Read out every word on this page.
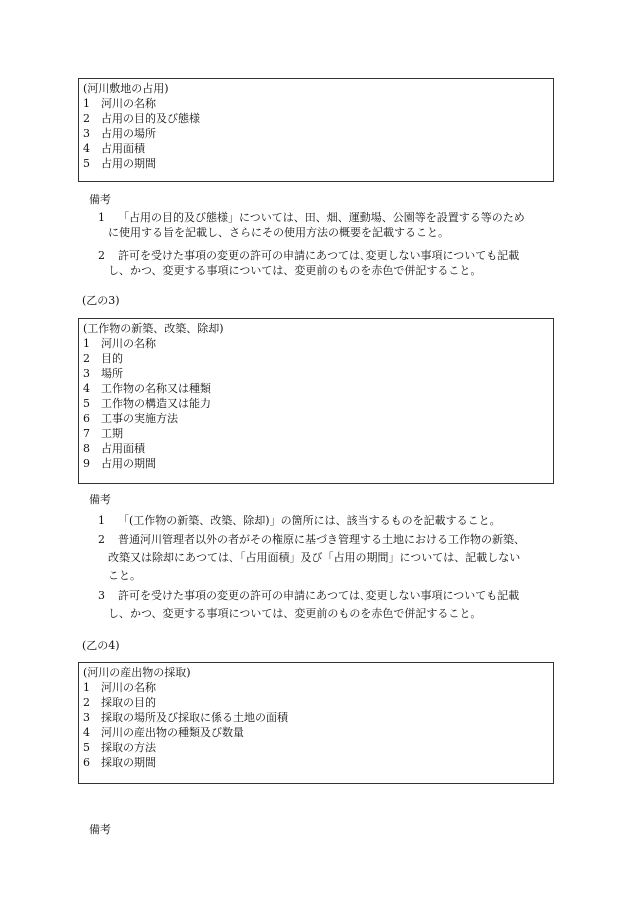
(河川敷地の占用)
1 河川の名称
2 占用の目的及び態様
3 占用の場所
4 占用面積
5 占用の期間
備考
1 「占用の目的及び態様」については、田、畑、運動場、公園等を設置する等のため
に使用する旨を記載し、さらにその使用方法の概要を記載すること。
2 許可を受けた事項の変更の許可の申請にあつては､変更しない事項についても記載
し、かつ、変更する事項については、変更前のものを赤色で併記すること。
(乙の3)
(工作物の新築、改築、除却)
1 河川の名称
2 目的
3 場所
4 工作物の名称又は種類
5 工作物の構造又は能力
6 工事の実施方法
7 工期
8 占用面積
9 占用の期間
備考
1 「(工作物の新築、改築、除却)」の箇所には、該当するものを記載すること。
2 普通河川管理者以外の者がその権原に基づき管理する土地における工作物の新築、
改築又は除却にあつては､「占用面積」及び「占用の期間」については、記載しない
こと。
3 許可を受けた事項の変更の許可の申請にあつては､変更しない事項についても記載
し、かつ、変更する事項については、変更前のものを赤色で併記すること。
(乙の4)
(河川の産出物の採取)
1 河川の名称
2 採取の目的
3 採取の場所及び採取に係る土地の面積
4 河川の産出物の種類及び数量
5 採取の方法
6 採取の期間
備考
